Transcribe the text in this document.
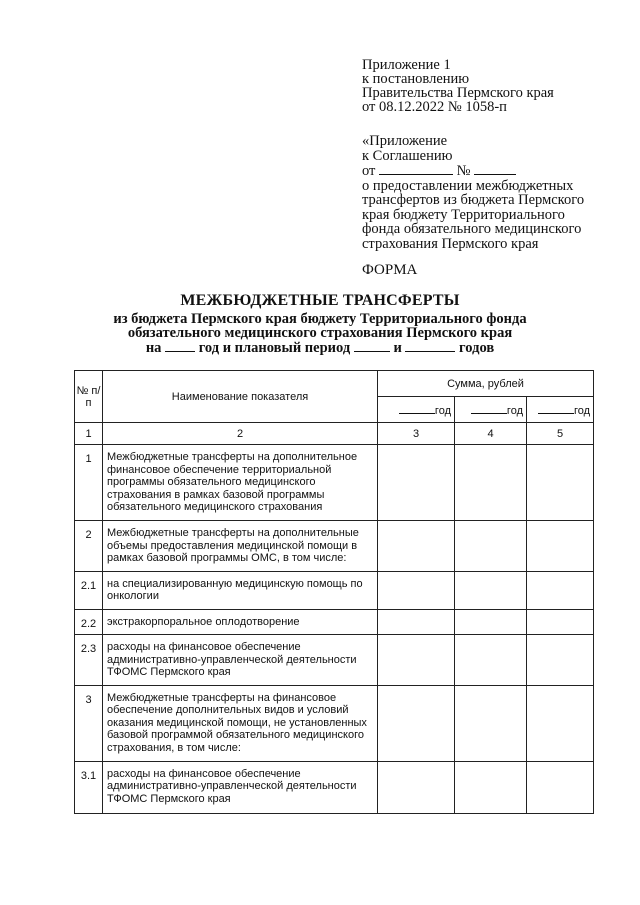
Приложение 1
к постановлению
Правительства Пермского края
от 08.12.2022 № 1058-п
«Приложение
к Соглашению
от	№
о предоставлении межбюджетных
трансфертов из бюджета Пермского
края бюджету Территориального
фонда обязательного медицинского
страхования Пермского края
ФОРМА
МЕЖБЮДЖЕТНЫЕ ТРАНСФЕРТЫ
из бюджета Пермского края бюджету Территориального фонда
обязательного медицинского страхования Пермского края
на	год и плановый период	и	годов
№ п/п	Наименование показателя	Сумма, рублей		
		год	год	год
1	2	3	4	5
1	Межбюджетные трансферты на дополнительное финансовое обеспечение территориальной программы обязательного медицинского страхования в рамках базовой программы обязательного медицинского страхования			
2	Межбюджетные трансферты на дополнительные объемы предоставления медицинской помощи в рамках базовой программы ОМС, в том числе:			
2.1	на специализированную медицинскую помощь по онкологии			
2.2	экстракорпоральное оплодотворение			
2.3	расходы на финансовое обеспечение административно-управленческой деятельности ТФОМС Пермского края			
3	Межбюджетные трансферты на финансовое обеспечение дополнительных видов и условий оказания медицинской помощи, не установленных базовой программой обязательного медицинского страхования, в том числе:			
3.1	расходы на финансовое обеспечение административно-управленческой деятельности ТФОМС Пермского края			
